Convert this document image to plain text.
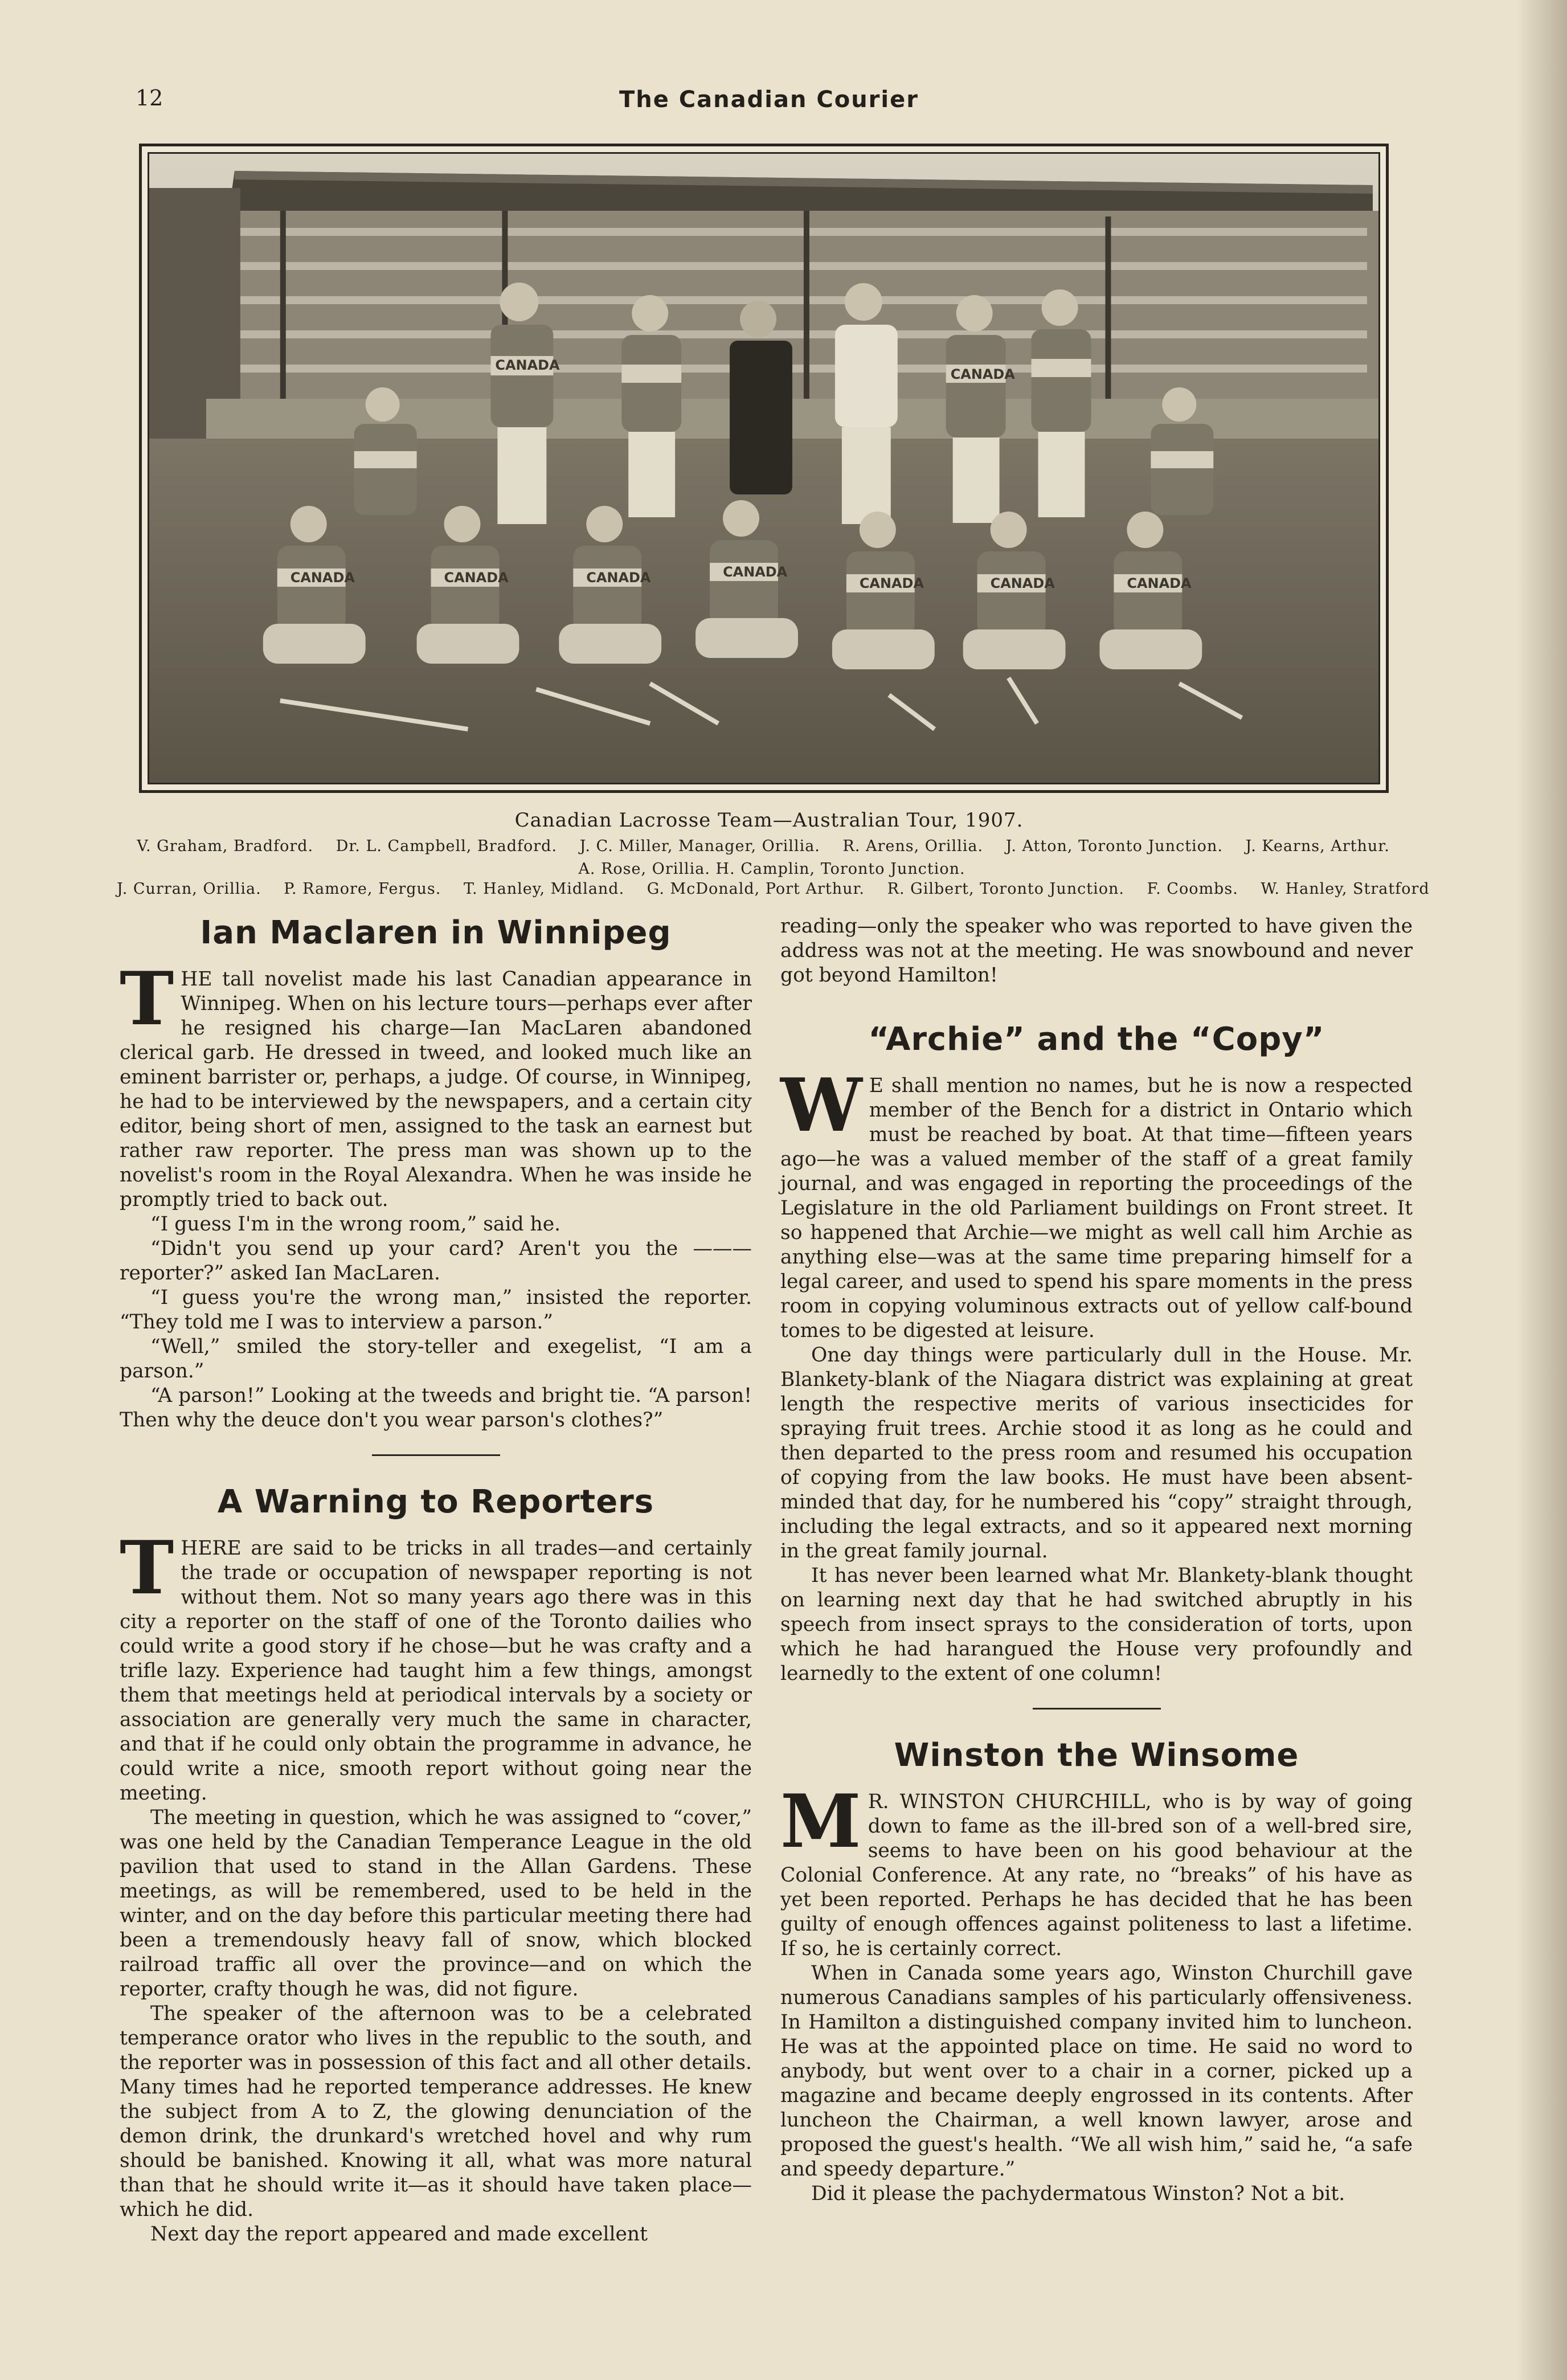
12	The Canadian Courier
CANADA	CANADA	CANADA	CANADA
CANADA	CANADA	CANADA
CANADA
CANADA
Canadian Lacrosse Team—Australian Tour, 1907.
V. Graham, Bradford. Dr. L. Campbell, Bradford. J. C. Miller, Manager, Orillia. R. Arens, Orillia. J. Atton, Toronto Junction. J. Kearns, Arthur.
A. Rose, Orillia. H. Camplin, Toronto Junction.
J. Curran, Orillia. P. Ramore, Fergus. T. Hanley, Midland. G. McDonald, Port Arthur. R. Gilbert, Toronto Junction. F. Coombs. W. Hanley, Stratford
Ian Maclaren in Winnipeg

THE tall novelist made his last Canadian appearance in Winnipeg. When on his lecture tours—perhaps ever after he resigned his charge—Ian MacLaren abandoned clerical garb. He dressed in tweed, and looked much like an eminent barrister or, perhaps, a judge. Of course, in Winnipeg, he had to be interviewed by the newspapers, and a certain city editor, being short of men, assigned to the task an earnest but rather raw reporter. The press man was shown up to the novelist's room in the Royal Alexandra. When he was inside he promptly tried to back out.

“I guess I'm in the wrong room,” said he.

“Didn't you send up your card? Aren't you the ——— reporter?” asked Ian MacLaren.

“I guess you're the wrong man,” insisted the reporter. “They told me I was to interview a parson.”

“Well,” smiled the story-teller and exegelist, “I am a parson.”

“A parson!” Looking at the tweeds and bright tie. “A parson! Then why the deuce don't you wear parson's clothes?”

A Warning to Reporters

THERE are said to be tricks in all trades—and certainly the trade or occupation of newspaper reporting is not without them. Not so many years ago there was in this city a reporter on the staff of one of the Toronto dailies who could write a good story if he chose—but he was crafty and a trifle lazy. Experience had taught him a few things, amongst them that meetings held at periodical intervals by a society or association are generally very much the same in character, and that if he could only obtain the programme in advance, he could write a nice, smooth report without going near the meeting.

The meeting in question, which he was assigned to “cover,” was one held by the Canadian Temperance League in the old pavilion that used to stand in the Allan Gardens. These meetings, as will be remembered, used to be held in the winter, and on the day before this particular meeting there had been a tremendously heavy fall of snow, which blocked railroad traffic all over the province—and on which the reporter, crafty though he was, did not figure.

The speaker of the afternoon was to be a celebrated temperance orator who lives in the republic to the south, and the reporter was in possession of this fact and all other details. Many times had he reported temperance addresses. He knew the subject from A to Z, the glowing denunciation of the demon drink, the drunkard's wretched hovel and why rum should be banished. Knowing it all, what was more natural than that he should write it—as it should have taken place—which he did.

Next day the report appeared and made excellent

reading—only the speaker who was reported to have given the address was not at the meeting. He was snowbound and never got beyond Hamilton!

“Archie” and the “Copy”

W E shall mention no names, but he is now a respected member of the Bench for a district in Ontario which must be reached by boat. At that time—fifteen years ago—he was a valued member of the staff of a great family journal, and was engaged in reporting the proceedings of the Legislature in the old Parliament buildings on Front street. It so happened that Archie—we might as well call him Archie as anything else—was at the same time preparing himself for a legal career, and used to spend his spare moments in the press room in copying voluminous extracts out of yellow calf-bound tomes to be digested at leisure.

One day things were particularly dull in the House. Mr. Blankety-blank of the Niagara district was explaining at great length the respective merits of various insecticides for spraying fruit trees. Archie stood it as long as he could and then departed to the press room and resumed his occupation of copying from the law books. He must have been absent-minded that day, for he numbered his “copy” straight through, including the legal extracts, and so it appeared next morning in the great family journal.

It has never been learned what Mr. Blankety-blank thought on learning next day that he had switched abruptly in his speech from insect sprays to the consideration of torts, upon which he had harangued the House very profoundly and learnedly to the extent of one column!

Winston the Winsome

M R. WINSTON CHURCHILL, who is by way of going down to fame as the ill-bred son of a well-bred sire, seems to have been on his good behaviour at the Colonial Conference. At any rate, no “breaks” of his have as yet been reported. Perhaps he has decided that he has been guilty of enough offences against politeness to last a lifetime. If so, he is certainly correct.

When in Canada some years ago, Winston Churchill gave numerous Canadians samples of his particularly offensiveness. In Hamilton a distinguished company invited him to luncheon. He was at the appointed place on time. He said no word to anybody, but went over to a chair in a corner, picked up a magazine and became deeply engrossed in its contents. After luncheon the Chairman, a well known lawyer, arose and proposed the guest's health. “We all wish him,” said he, “a safe and speedy departure.”

Did it please the pachydermatous Winston? Not a bit.
